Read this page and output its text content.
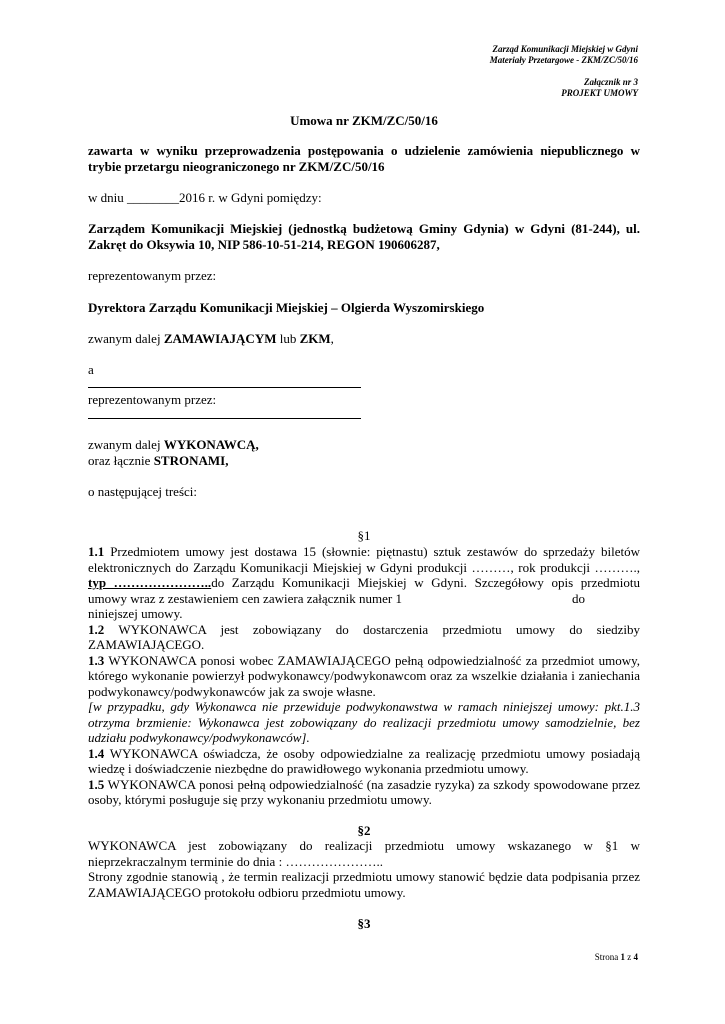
Zarząd Komunikacji Miejskiej w Gdyni
Materiały Przetargowe - ZKM/ZC/50/16
Załącznik nr 3
PROJEKT UMOWY
Umowa nr ZKM/ZC/50/16
zawarta w wyniku przeprowadzenia postępowania o udzielenie zamówienia niepublicznego w trybie przetargu nieograniczonego nr ZKM/ZC/50/16
w dniu ________2016 r. w Gdyni pomiędzy:
Zarządem Komunikacji Miejskiej (jednostką budżetową Gminy Gdynia) w Gdyni (81-244), ul. Zakręt do Oksywia 10, NIP 586-10-51-214, REGON 190606287,
reprezentowanym przez:
Dyrektora Zarządu Komunikacji Miejskiej – Olgierda Wyszomirskiego
zwanym dalej ZAMAWIAJĄCYM lub ZKM,
a
reprezentowanym przez:
zwanym dalej WYKONAWCĄ,
oraz łącznie STRONAMI,
o następującej treści:
§1

1.1 Przedmiotem umowy jest dostawa 15 (słownie: piętnastu) sztuk zestawów do sprzedaży biletów elektronicznych do Zarządu Komunikacji Miejskiej w Gdyni produkcji ………, rok produkcji ………., typ …………………..do Zarządu Komunikacji Miejskiej w Gdyni. Szczegółowy opis przedmiotu umowy wraz z zestawieniem cen zawiera załącznik numer 1	do
niniejszej umowy.

1.2 WYKONAWCA jest zobowiązany do dostarczenia przedmiotu umowy do siedziby ZAMAWIAJĄCEGO.

1.3 WYKONAWCA ponosi wobec ZAMAWIAJĄCEGO pełną odpowiedzialność za przedmiot umowy, którego wykonanie powierzył podwykonawcy/podwykonawcom oraz za wszelkie działania i zaniechania podwykonawcy/podwykonawców jak za swoje własne.

[w przypadku, gdy Wykonawca nie przewiduje podwykonawstwa w ramach niniejszej umowy: pkt.1.3 otrzyma brzmienie: Wykonawca jest zobowiązany do realizacji przedmiotu umowy samodzielnie, bez udziału podwykonawcy/podwykonawców].

1.4 WYKONAWCA oświadcza, że osoby odpowiedzialne za realizację przedmiotu umowy posiadają wiedzę i doświadczenie niezbędne do prawidłowego wykonania przedmiotu umowy.

1.5 WYKONAWCA ponosi pełną odpowiedzialność (na zasadzie ryzyka) za szkody spowodowane przez osoby, którymi posługuje się przy wykonaniu przedmiotu umowy.

§2

WYKONAWCA jest zobowiązany do realizacji przedmiotu umowy wskazanego w §1 w nieprzekraczalnym terminie do dnia : …………………..

Strony zgodnie stanowią , że termin realizacji przedmiotu umowy stanowić będzie data podpisania przez ZAMAWIAJĄCEGO protokołu odbioru przedmiotu umowy.

§3
Strona 1 z 4
